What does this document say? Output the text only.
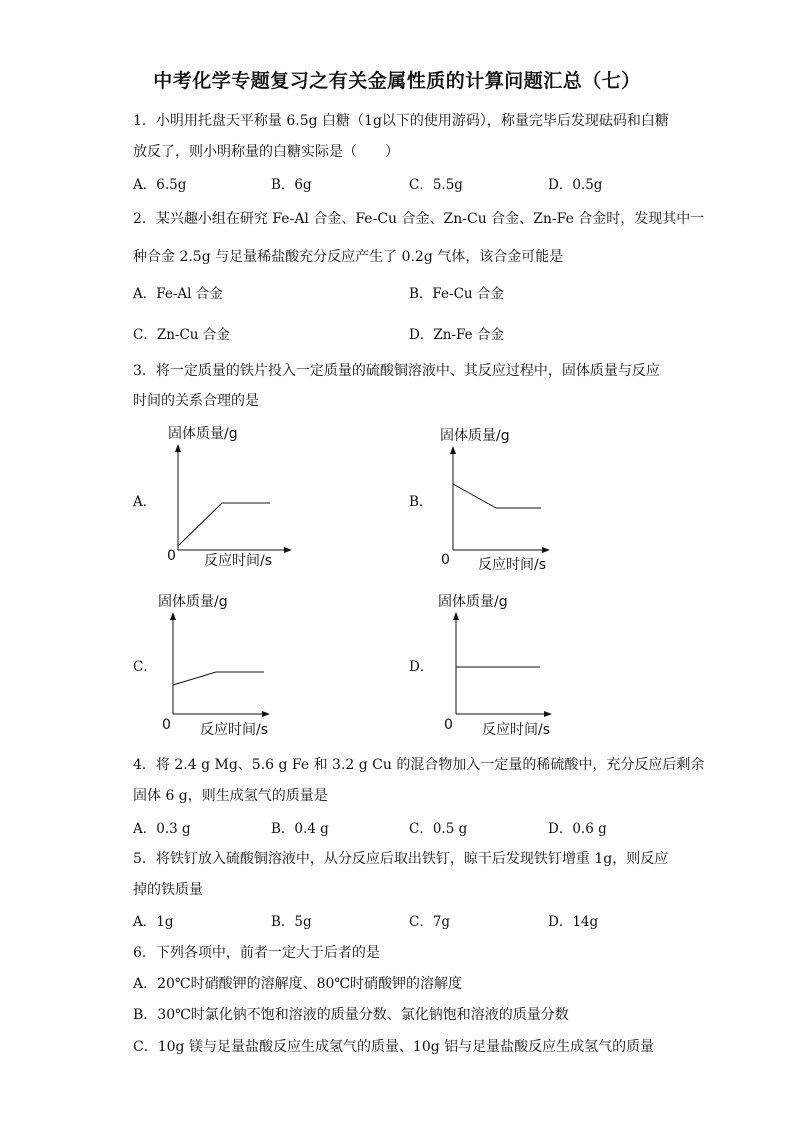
中考化学专题复习之有关金属性质的计算问题汇总（七）
1．小明用托盘天平称量 6.5g 白糖（1g以下的使用游码），称量完毕后发现砝码和白糖
放反了，则小明称量的白糖实际是（　　）
A．6.5g	B．6g	C．5.5g	D．0.5g
2．某兴趣小组在研究 Fe-Al 合金、Fe-Cu 合金、Zn-Cu 合金、Zn-Fe 合金时，发现其中一
种合金 2.5g 与足量稀盐酸充分反应产生了 0.2g 气体，该合金可能是
A．Fe-Al 合金	B．Fe-Cu 合金
C．Zn-Cu 合金	D．Zn-Fe 合金
3．将一定质量的铁片投入一定质量的硫酸铜溶液中、其反应过程中，固体质量与反应
时间的关系合理的是
A．
固体质量/g
0 反应时间/s
B．
固体质量/g
0 反应时间/s
C．
固体质量/g
0 反应时间/s
D．
固体质量/g
0 反应时间/s
4．将 2.4 g Mg、5.6 g Fe 和 3.2 g Cu 的混合物加入一定量的稀硫酸中，充分反应后剩余
固体 6 g，则生成氢气的质量是
A．0.3 g	B．0.4 g	C．0.5 g	D．0.6 g
5．将铁钉放入硫酸铜溶液中，从分反应后取出铁钉，晾干后发现铁钉增重 1g，则反应
掉的铁质量
A．1g	B．5g	C．7g	D．14g
6．下列各项中，前者一定大于后者的是
A．20℃时硝酸钾的溶解度、80℃时硝酸钾的溶解度
B．30℃时氯化钠不饱和溶液的质量分数、氯化钠饱和溶液的质量分数
C．10g 镁与足量盐酸反应生成氢气的质量、10g 铝与足量盐酸反应生成氢气的质量
